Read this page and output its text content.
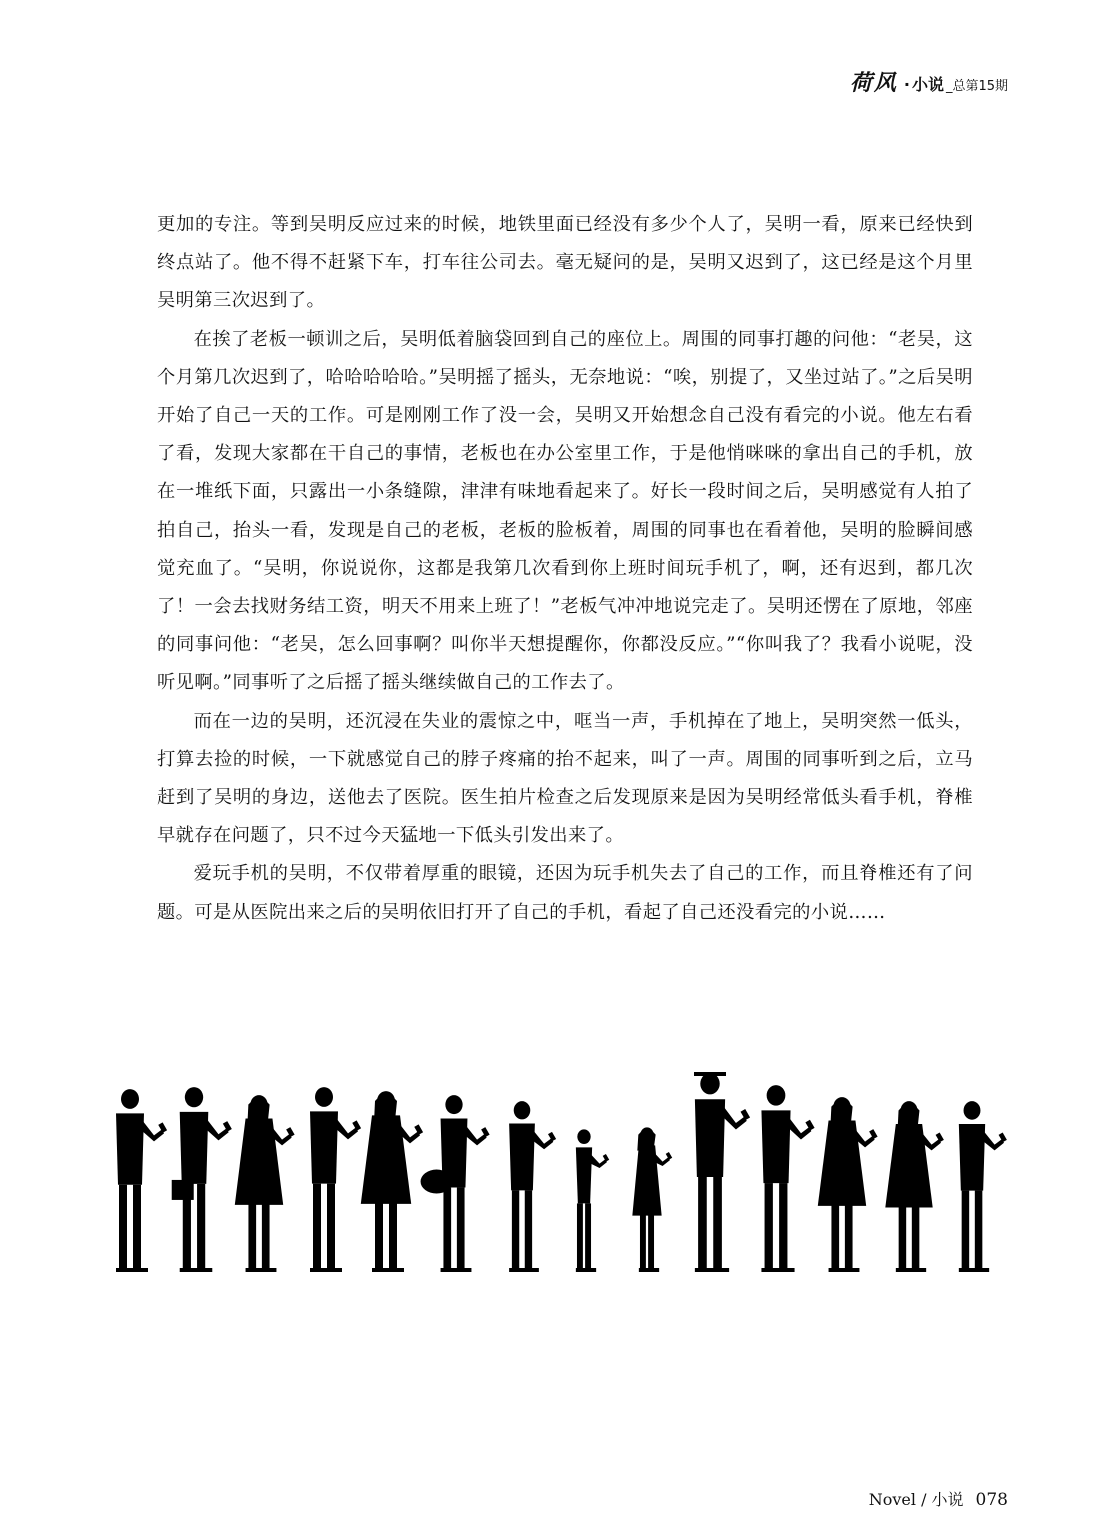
荷风 · 小说 _总第15期

更加的专注。等到吴明反应过来的时候，地铁里面已经没有多少个人了，吴明一看，原来已经快到终点站了。他不得不赶紧下车，打车往公司去。毫无疑问的是，吴明又迟到了，这已经是这个月里吴明第三次迟到了。

在挨了老板一顿训之后，吴明低着脑袋回到自己的座位上。周围的同事打趣的问他：“老吴，这个月第几次迟到了，哈哈哈哈哈。”吴明摇了摇头，无奈地说：“唉，别提了，又坐过站了。”之后吴明开始了自己一天的工作。可是刚刚工作了没一会，吴明又开始想念自己没有看完的小说。他左右看了看，发现大家都在干自己的事情，老板也在办公室里工作，于是他悄咪咪的拿出自己的手机，放在一堆纸下面，只露出一小条缝隙，津津有味地看起来了。好长一段时间之后，吴明感觉有人拍了拍自己，抬头一看，发现是自己的老板，老板的脸板着，周围的同事也在看着他，吴明的脸瞬间感觉充血了。“吴明，你说说你，这都是我第几次看到你上班时间玩手机了，啊，还有迟到，都几次了！一会去找财务结工资，明天不用来上班了！”老板气冲冲地说完走了。吴明还愣在了原地，邻座的同事问他：“老吴，怎么回事啊？叫你半天想提醒你，你都没反应。”“你叫我了？我看小说呢，没听见啊。”同事听了之后摇了摇头继续做自己的工作去了。

而在一边的吴明，还沉浸在失业的震惊之中，哐当一声，手机掉在了地上，吴明突然一低头，打算去捡的时候，一下就感觉自己的脖子疼痛的抬不起来，叫了一声。周围的同事听到之后，立马赶到了吴明的身边，送他去了医院。医生拍片检查之后发现原来是因为吴明经常低头看手机，脊椎早就存在问题了，只不过今天猛地一下低头引发出来了。

爱玩手机的吴明，不仅带着厚重的眼镜，还因为玩手机失去了自己的工作，而且脊椎还有了问题。可是从医院出来之后的吴明依旧打开了自己的手机，看起了自己还没看完的小说……

Novel / 小说 078
